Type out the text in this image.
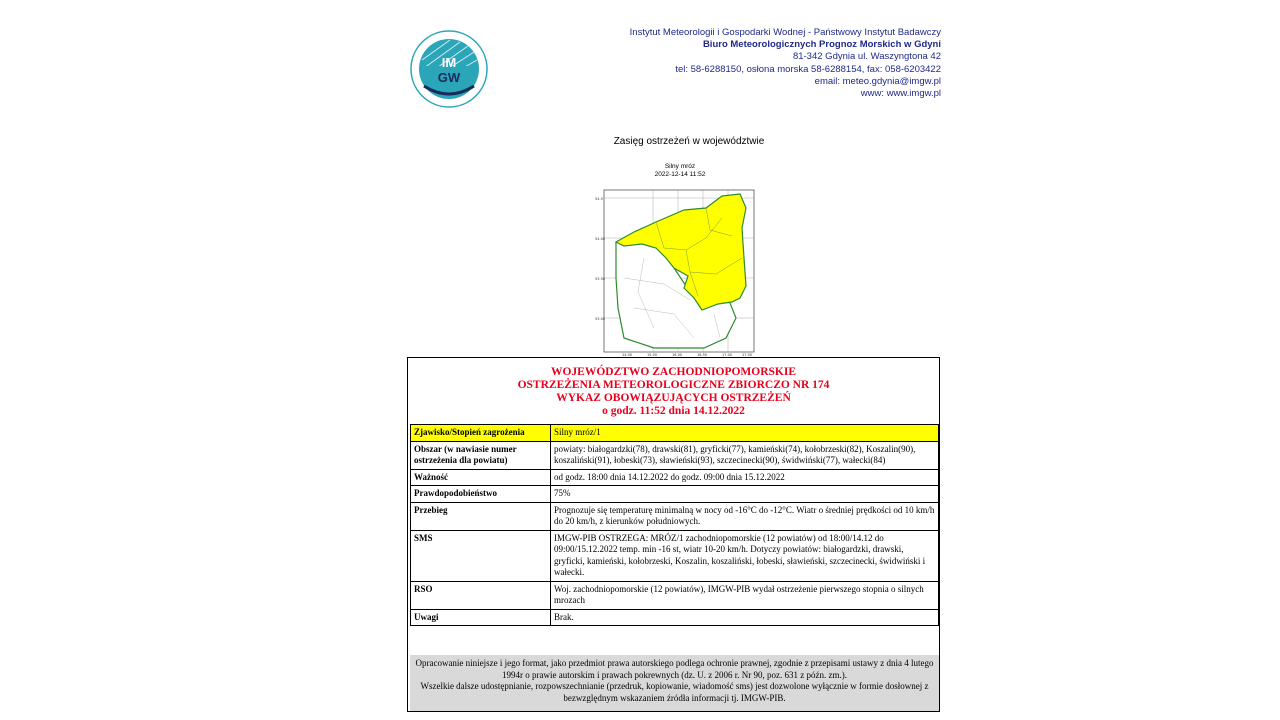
IM
GW
Instytut Meteorologii i Gospodarki Wodnej - Państwowy Instytut Badawczy
Biuro Meteorologicznych Prognoz Morskich w Gdyni
81-342 Gdynia ul. Waszyngtona 42
tel: 58-6288150, osłona morska 58-6288154, fax: 058-6203422
email: meteo.gdynia@imgw.pl
www: www.imgw.pl
Zasięg ostrzeżeń w województwie
Silny mróz
2022-12-14 11:52
54.5
54.00
53.50
53.00
14.00	15.00	16.00	16.50	17.00	17.50
WOJEWÓDZTWO ZACHODNIOPOMORSKIE
OSTRZEŻENIA METEOROLOGICZNE ZBIORCZO NR 174
WYKAZ OBOWIĄZUJĄCYCH OSTRZEŻEŃ
o godz. 11:52 dnia 14.12.2022
Zjawisko/Stopień zagrożenia	Silny mróz/1
Obszar (w nawiasie numer ostrzeżenia dla powiatu)	powiaty: białogardzki(78), drawski(81), gryficki(77), kamieński(74), kołobrzeski(82), Koszalin(90), koszaliński(91), łobeski(73), sławieński(93), szczecinecki(90), świdwiński(77), wałecki(84)
Ważność	od godz. 18:00 dnia 14.12.2022 do godz. 09:00 dnia 15.12.2022
Prawdopodobieństwo	75%
Przebieg	Prognozuje się temperaturę minimalną w nocy od -16°C do -12°C. Wiatr o średniej prędkości od 10 km/h do 20 km/h, z kierunków południowych.
SMS	IMGW-PIB OSTRZEGA: MRÓZ/1 zachodniopomorskie (12 powiatów) od 18:00/14.12 do 09:00/15.12.2022 temp. min -16 st, wiatr 10-20 km/h. Dotyczy powiatów: białogardzki, drawski, gryficki, kamieński, kołobrzeski, Koszalin, koszaliński, łobeski, sławieński, szczecinecki, świdwiński i wałecki.
RSO	Woj. zachodniopomorskie (12 powiatów), IMGW-PIB wydał ostrzeżenie pierwszego stopnia o silnych mrozach
Uwagi	Brak.
Opracowanie niniejsze i jego format, jako przedmiot prawa autorskiego podlega ochronie prawnej, zgodnie z przepisami ustawy z dnia 4 lutego 1994r o prawie autorskim i prawach pokrewnych (dz. U. z 2006 r. Nr 90, poz. 631 z późn. zm.).
Wszelkie dalsze udostępnianie, rozpowszechnianie (przedruk, kopiowanie, wiadomość sms) jest dozwolone wyłącznie w formie dosłownej z bezwzględnym wskazaniem źródła informacji tj. IMGW-PIB.
